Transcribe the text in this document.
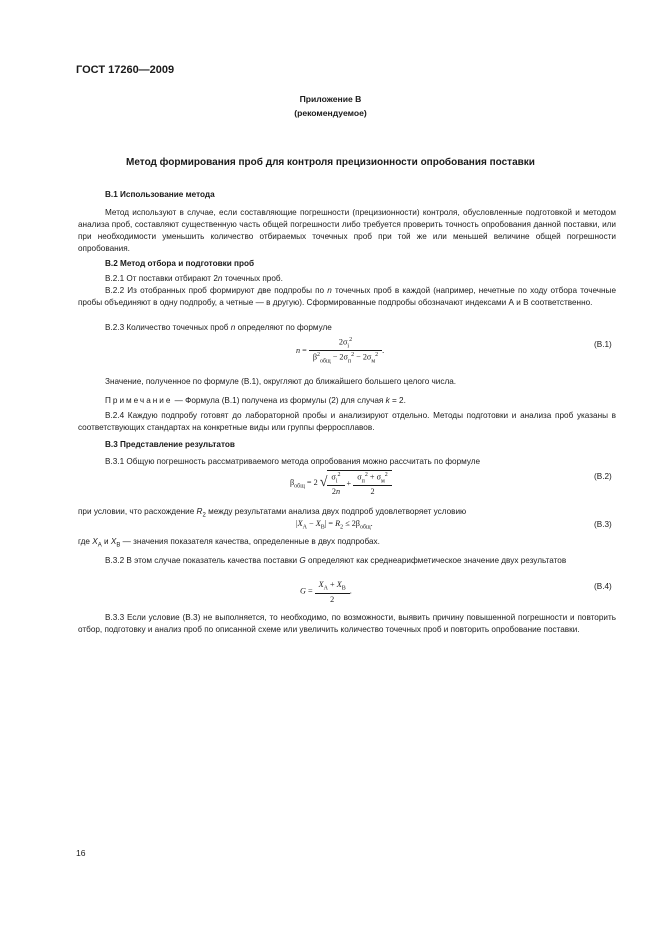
ГОСТ 17260—2009
Приложение В
(рекомендуемое)
Метод формирования проб для контроля прецизионности опробования поставки
В.1 Использование метода
Метод используют в случае, если составляющие погрешности (прецизионности) контроля, обусловленные подготовкой и методом анализа проб, составляют существенную часть общей погрешности либо требуется проверить точность опробования данной поставки, или при необходимости уменьшить количество отбираемых точечных проб при той же или меньшей величине общей погрешности опробования.
В.2 Метод отбора и подготовки проб
В.2.1 От поставки отбирают 2n точечных проб.
В.2.2 Из отобранных проб формируют две подпробы по n точечных проб в каждой (например, нечетные по ходу отбора точечные пробы объединяют в одну подпробу, а четные — в другую). Сформированные подпробы обозначают индексами А и В соответственно.
В.2.3 Количество точечных проб n определяют по формуле
$n = \frac{2\sigma_i^2}{\beta^2_{общ} - 2\sigma_п^2 - 2\sigma_м^2}$ .
(В.1)
Значение, полученное по формуле (В.1), округляют до ближайшего большего целого числа.
Примечание — Формула (В.1) получена из формулы (2) для случая k = 2.
В.2.4 Каждую подпробу готовят до лабораторной пробы и анализируют отдельно. Методы подготовки и анализа проб указаны в соответствующих стандартах на конкретные виды или группы ферросплавов.
В.3 Представление результатов
В.3.1 Общую погрешность рассматриваемого метода опробования можно рассчитать по формуле
$\beta_{общ} = 2$ √ $\frac{\sigma_i^2}{2n} + \frac{\sigma_п^2 + \sigma_м^2}{2}$	(В.2)
при условии, что расхождение $R_2$ между результатами анализа двух подпроб удовлетворяет условию
$|X_А - X_В| = R_2 \le 2\beta_{общ}$.	(В.3)
где $X_А$ и $X_В$ — значения показателя качества, определенные в двух подпробах.
В.3.2 В этом случае показатель качества поставки G определяют как среднеарифметическое значение двух результатов
$G = \frac{X_А + X_В}{2}$ .
(В.4)
В.3.3 Если условие (В.3) не выполняется, то необходимо, по возможности, выявить причину повышенной погрешности и повторить отбор, подготовку и анализ проб по описанной схеме или увеличить количество точечных проб и повторить опробование поставки.
16
